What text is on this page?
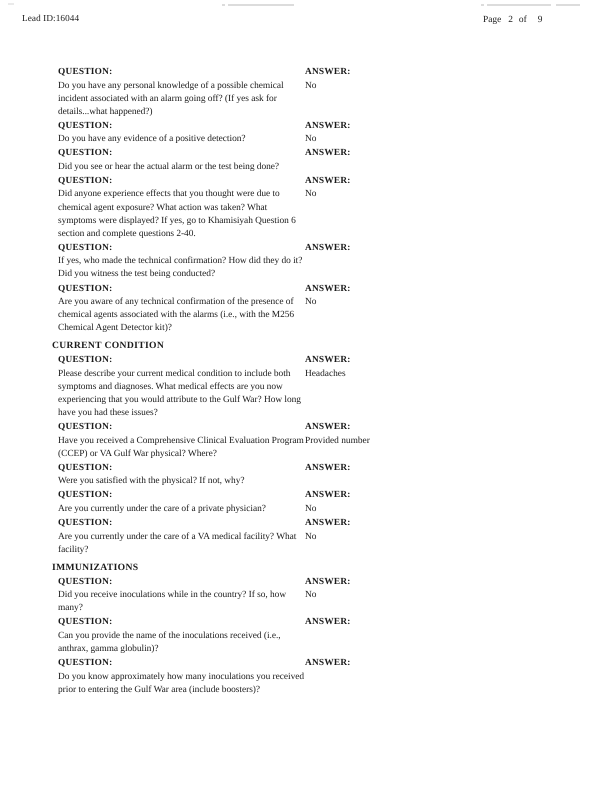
Lead ID:16044	Page 2 of 9
QUESTION:	ANSWER:
Do you have any personal knowledge of a possible chemical incident associated with an alarm going off? (If yes ask for details...what happened?)
No
QUESTION:	ANSWER:
Do you have any evidence of a positive detection?	No
QUESTION:	ANSWER:
Did you see or hear the actual alarm or the test being done?
QUESTION:	ANSWER:
Did anyone experience effects that you thought were due to chemical agent exposure? What action was taken? What symptoms were displayed? If yes, go to Khamisiyah Question 6 section and complete questions 2-40.
No
QUESTION:	ANSWER:
If yes, who made the technical confirmation? How did they do it? Did you witness the test being conducted?
QUESTION:	ANSWER:
Are you aware of any technical confirmation of the presence of chemical agents associated with the alarms (i.e., with the M256 Chemical Agent Detector kit)?
No
CURRENT CONDITION
QUESTION:	ANSWER:
Please describe your current medical condition to include both symptoms and diagnoses. What medical effects are you now experiencing that you would attribute to the Gulf War? How long have you had these issues?
Headaches
QUESTION:	ANSWER:
Have you received a Comprehensive Clinical Evaluation Program (CCEP) or VA Gulf War physical? Where?
Provided number
QUESTION:	ANSWER:
Were you satisfied with the physical? If not, why?
QUESTION:	ANSWER:
Are you currently under the care of a private physician?	No
QUESTION:	ANSWER:
Are you currently under the care of a VA medical facility? What facility?
No
IMMUNIZATIONS
QUESTION:	ANSWER:
Did you receive inoculations while in the country? If so, how many?
No
QUESTION:	ANSWER:
Can you provide the name of the inoculations received (i.e., anthrax, gamma globulin)?
QUESTION:	ANSWER:
Do you know approximately how many inoculations you received prior to entering the Gulf War area (include boosters)?
